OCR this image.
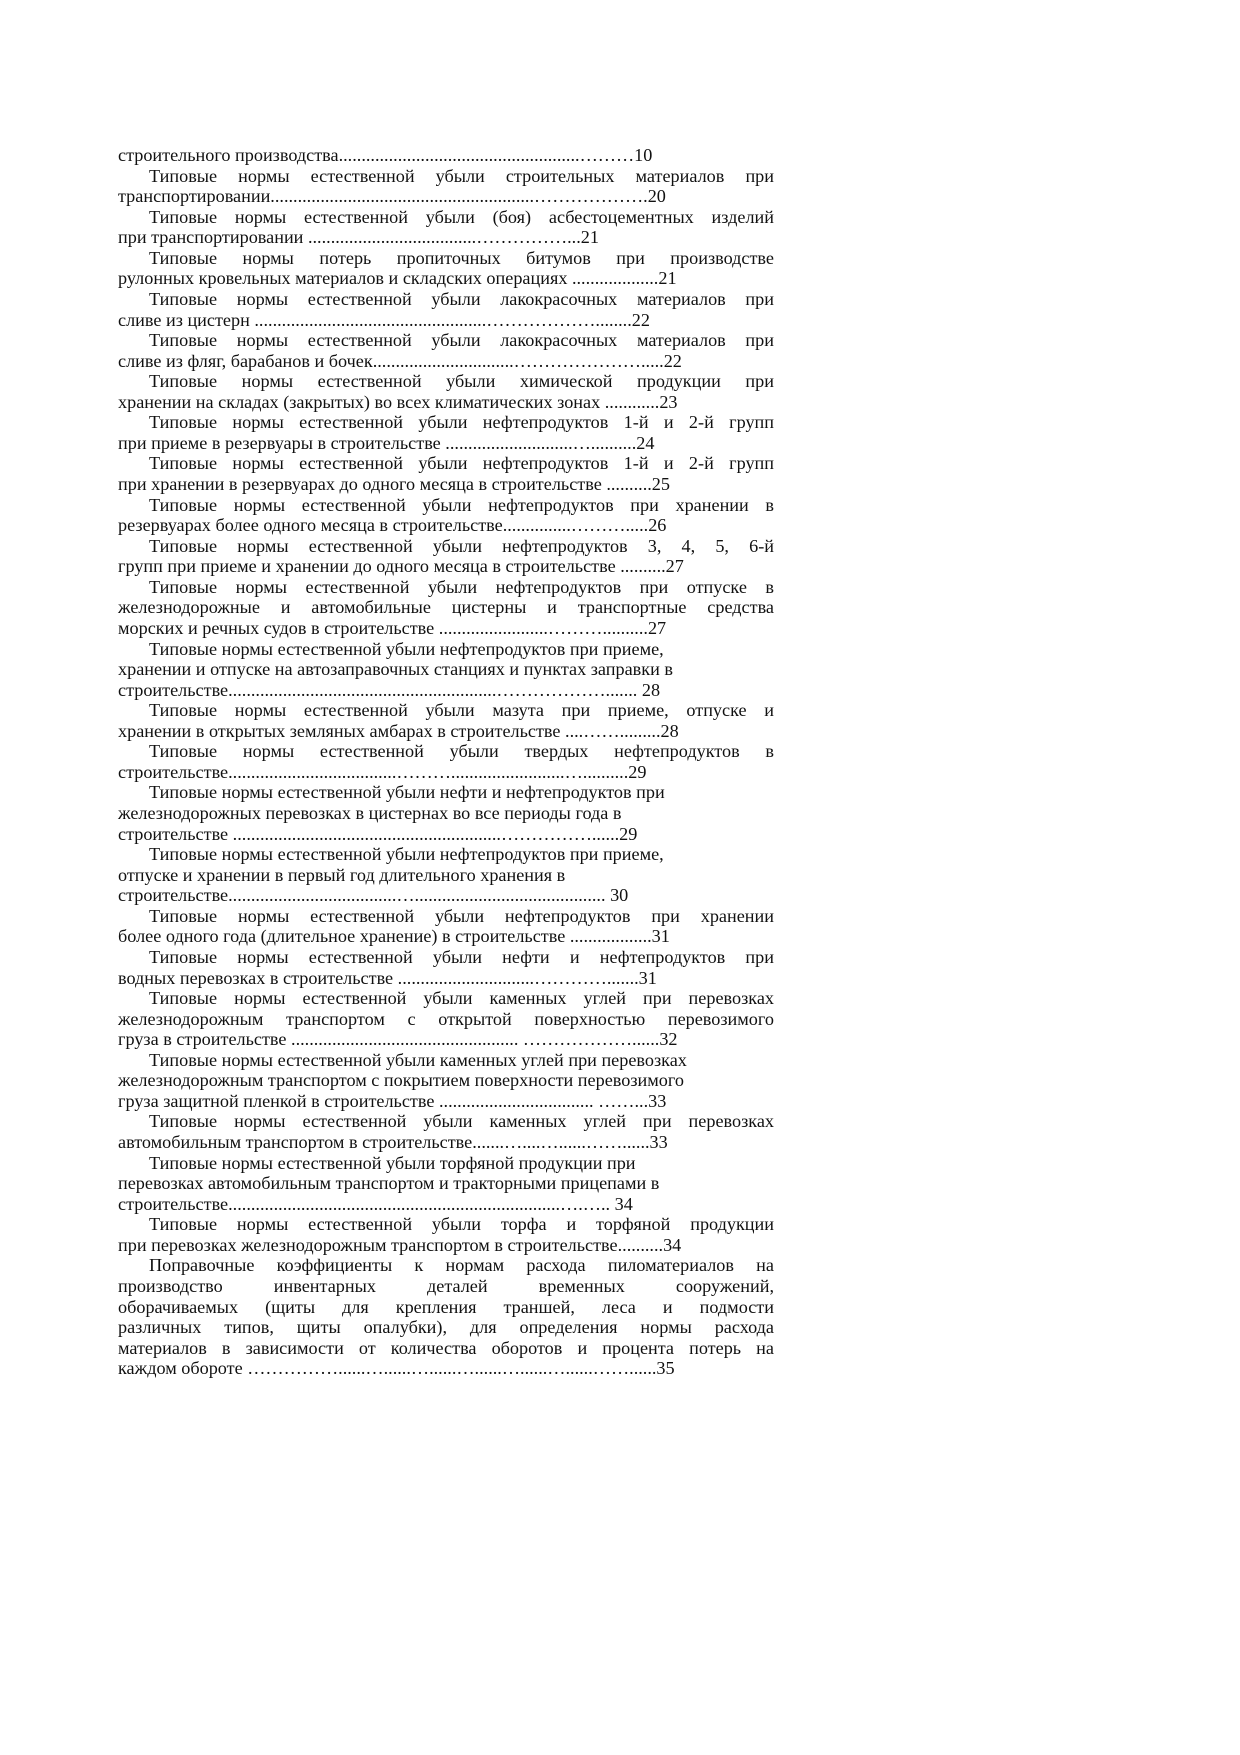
строительного производства.....................................................………10
Типовые нормы естественной убыли строительных материалов при
транспортировании..........................................................……………….20
Типовые нормы естественной убыли (боя) асбестоцементных изделий
при транспортировании .....................................……………...21
Типовые нормы потерь пропиточных битумов при производстве
рулонных кровельных материалов и складских операциях ...................21
Типовые нормы естественной убыли лакокрасочных материалов при
сливе из цистерн ...................................................………………........22
Типовые нормы естественной убыли лакокрасочных материалов при
сливе из фляг, барабанов и бочек...............................………………….....22
Типовые нормы естественной убыли химической продукции при
хранении на складах (закрытых) во всех климатических зонах ............23
Типовые нормы естественной убыли нефтепродуктов 1-й и 2-й групп
при приеме в резервуары в строительстве ............................…..........24
Типовые нормы естественной убыли нефтепродуктов 1-й и 2-й групп
при хранении в резервуарах до одного месяца в строительстве ..........25
Типовые нормы естественной убыли нефтепродуктов при хранении в
резервуарах более одного месяца в строительстве...............……….....26
Типовые нормы естественной убыли нефтепродуктов 3, 4, 5, 6-й
групп при приеме и хранении до одного месяца в строительстве ..........27
Типовые нормы естественной убыли нефтепродуктов при отпуске в
железнодорожные и автомобильные цистерны и транспортные средства
морских и речных судов в строительстве ........................………..........27
Типовые нормы естественной убыли нефтепродуктов при приеме,
хранении и отпуске на автозаправочных станциях и пунктах заправки в
строительстве...........................................................………………....... 28
Типовые нормы естественной убыли мазута при приеме, отпуске и
хранении в открытых земляных амбарах в строительстве ....…….........28
Типовые нормы естественной убыли твердых нефтепродуктов в
строительстве.....................................……….........................…..........29
Типовые нормы естественной убыли нефти и нефтепродуктов при
железнодорожных перевозках в цистернах во все периоды года в
строительстве ...........................................................……………......29
Типовые нормы естественной убыли нефтепродуктов при приеме,
отпуске и хранении в первый год длительного хранения в
строительстве.....................................….......................................... 30
Типовые нормы естественной убыли нефтепродуктов при хранении
более одного года (длительное хранение) в строительстве ..................31
Типовые нормы естественной убыли нефти и нефтепродуктов при
водных перевозках в строительстве ..............................………….......31
Типовые нормы естественной убыли каменных углей при перевозках
железнодорожным транспортом с открытой поверхностью перевозимого
груза в строительстве .................................................. ………………......32
Типовые нормы естественной убыли каменных углей при перевозках
железнодорожным транспортом с покрытием поверхности перевозимого
груза защитной пленкой в строительстве .................................. ……...33
Типовые нормы естественной убыли каменных углей при перевозках
автомобильным транспортом в строительстве.......…....…......……......33
Типовые нормы естественной убыли торфяной продукции при
перевозках автомобильным транспортом и тракторными прицепами в
строительстве.........................................................................….….. 34
Типовые нормы естественной убыли торфа и торфяной продукции
при перевозках железнодорожным транспортом в строительстве..........34
Поправочные коэффициенты к нормам расхода пиломатериалов на
производство инвентарных деталей временных сооружений,
оборачиваемых (щиты для крепления траншей, леса и подмости
различных типов, щиты опалубки), для определения нормы расхода
материалов в зависимости от количества оборотов и процента потерь на
каждом обороте ……………......…......…......…......…......…......……......35
